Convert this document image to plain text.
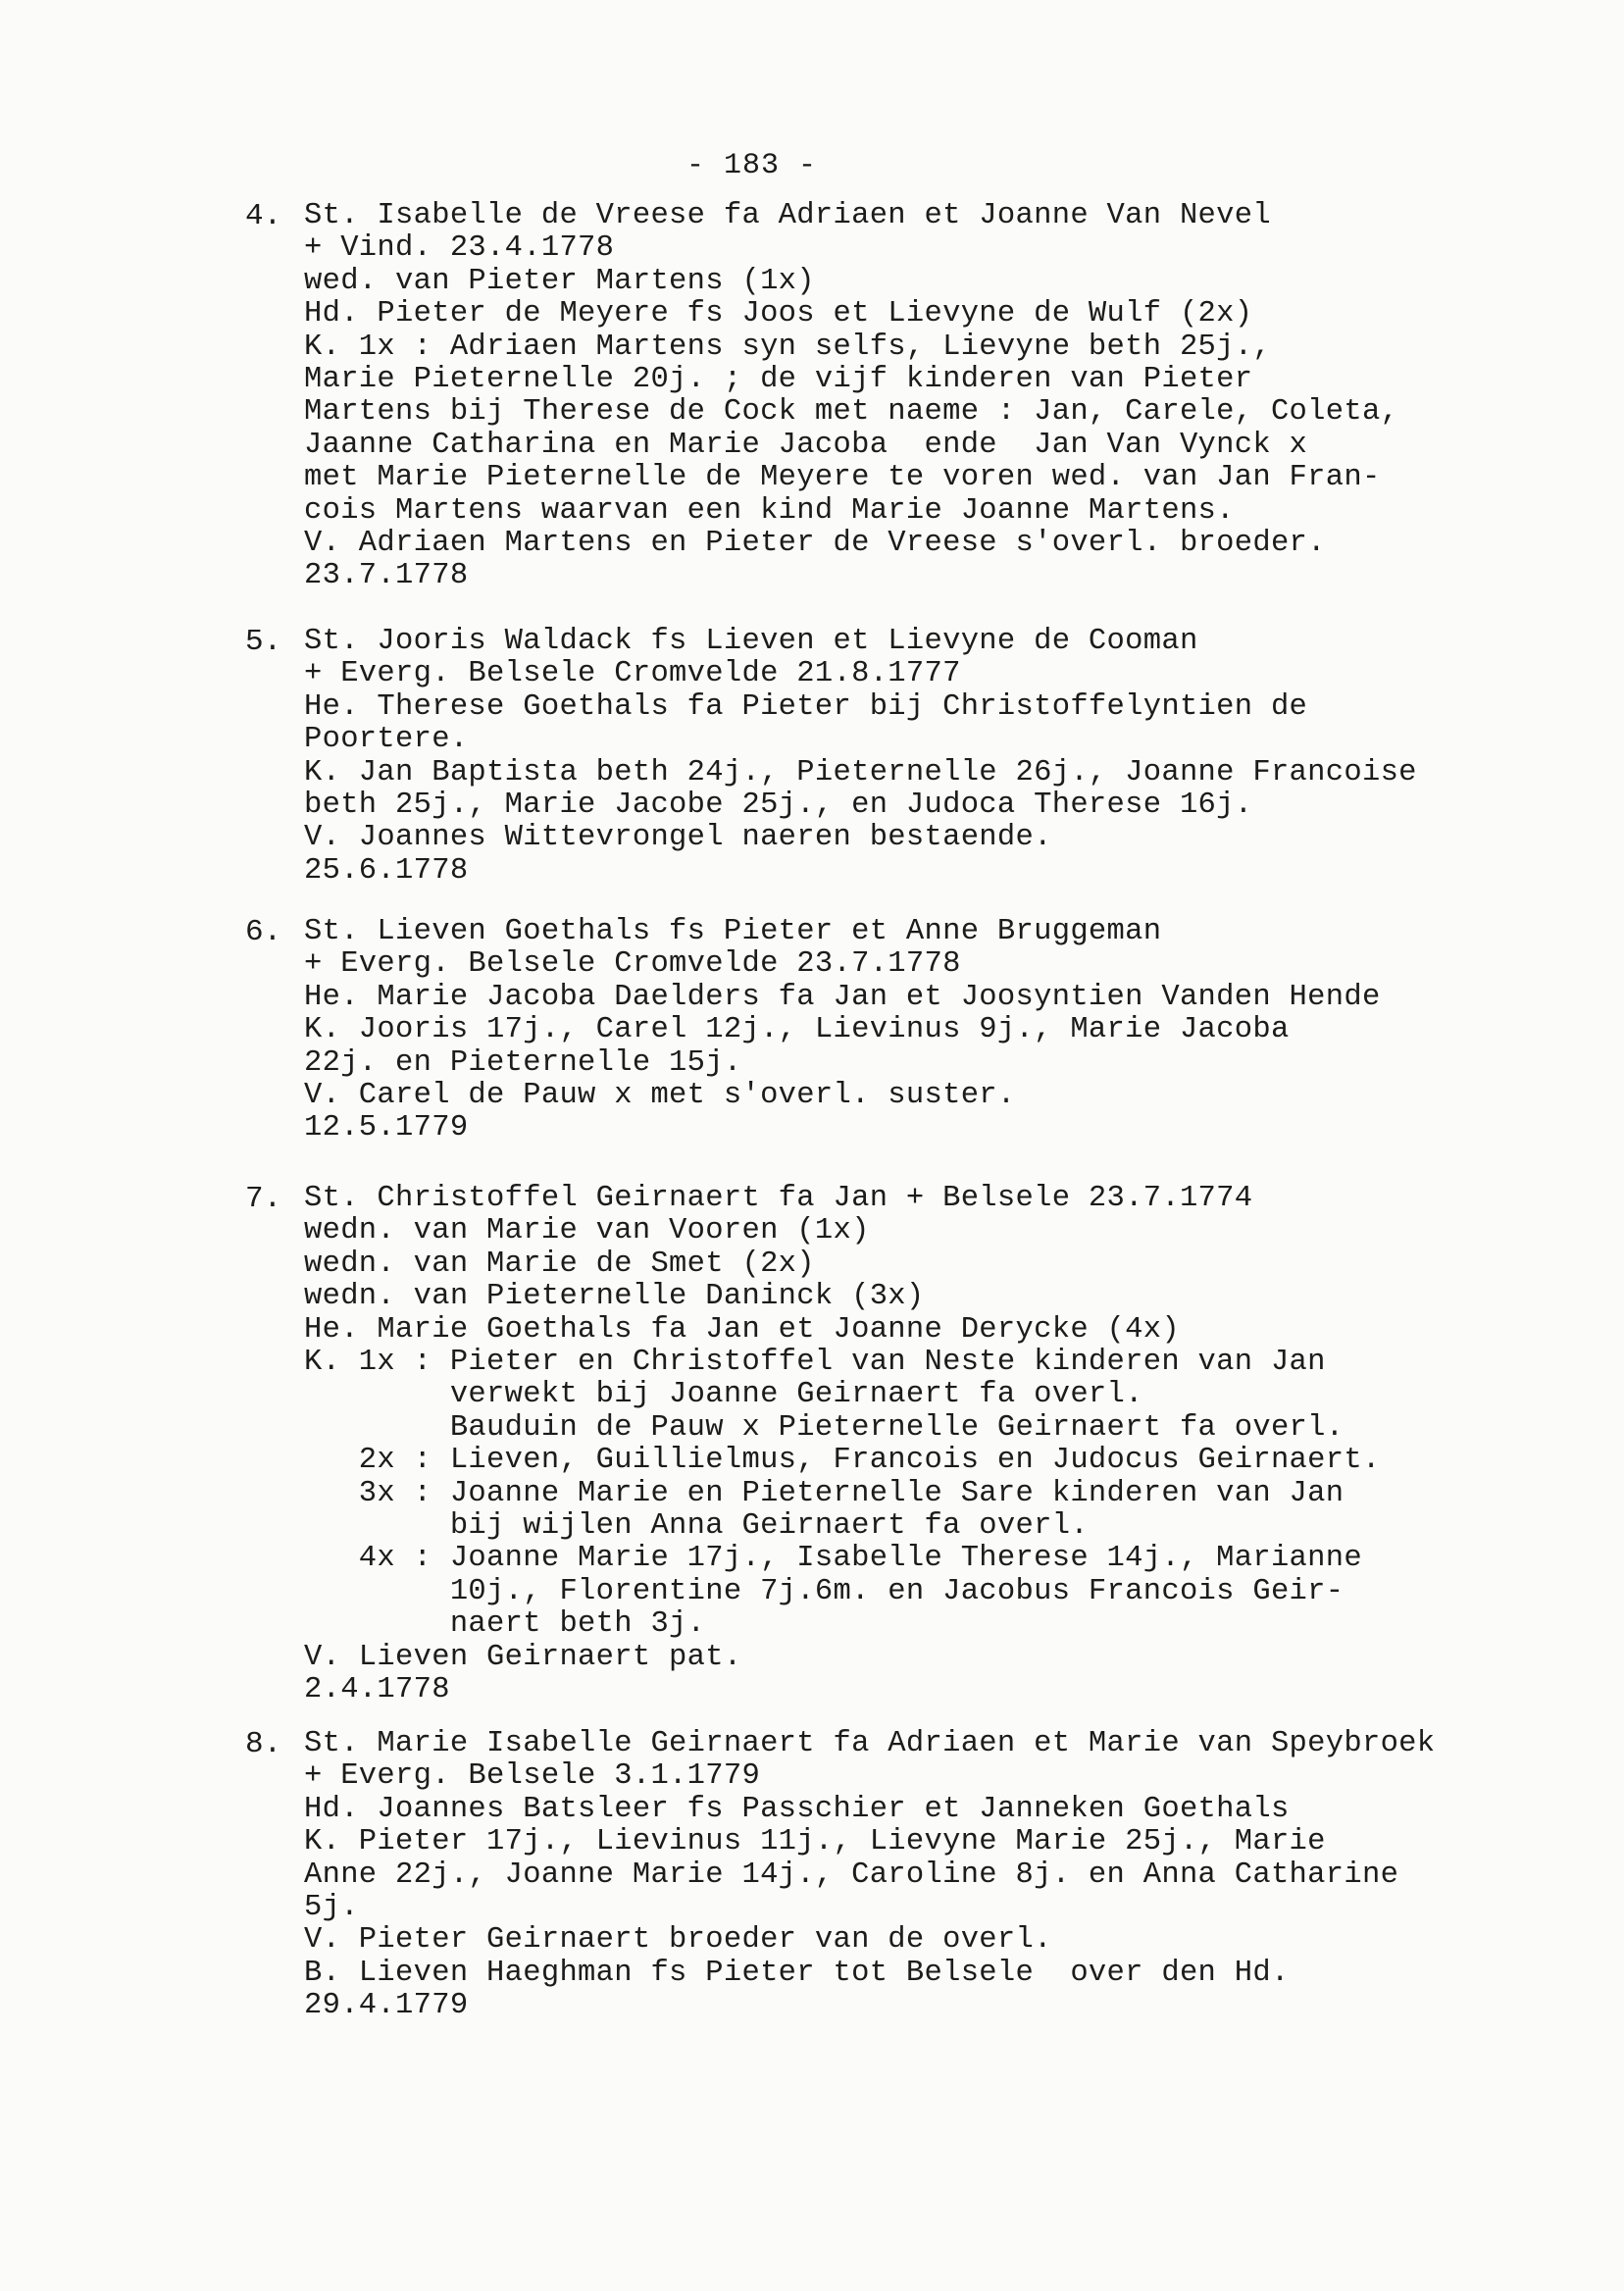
- 183 -
4. St. Isabelle de Vreese fa Adriaen et Joanne Van Nevel
+ Vind. 23.4.1778
wed. van Pieter Martens (1x)
Hd. Pieter de Meyere fs Joos et Lievyne de Wulf (2x)
K. 1x : Adriaen Martens syn selfs, Lievyne beth 25j.,
Marie Pieternelle 20j. ; de vijf kinderen van Pieter
Martens bij Therese de Cock met naeme : Jan, Carele, Coleta,
Jaanne Catharina en Marie Jacoba  ende  Jan Van Vynck x
met Marie Pieternelle de Meyere te voren wed. van Jan Fran-
cois Martens waarvan een kind Marie Joanne Martens.
V. Adriaen Martens en Pieter de Vreese s'overl. broeder.
23.7.1778
5. St. Jooris Waldack fs Lieven et Lievyne de Cooman
+ Everg. Belsele Cromvelde 21.8.1777
He. Therese Goethals fa Pieter bij Christoffelyntien de
Poortere.
K. Jan Baptista beth 24j., Pieternelle 26j., Joanne Francoise
beth 25j., Marie Jacobe 25j., en Judoca Therese 16j.
V. Joannes Wittevrongel naeren bestaende.
25.6.1778
6. St. Lieven Goethals fs Pieter et Anne Bruggeman
+ Everg. Belsele Cromvelde 23.7.1778
He. Marie Jacoba Daelders fa Jan et Joosyntien Vanden Hende
K. Jooris 17j., Carel 12j., Lievinus 9j., Marie Jacoba
22j. en Pieternelle 15j.
V. Carel de Pauw x met s'overl. suster.
12.5.1779
7. St. Christoffel Geirnaert fa Jan + Belsele 23.7.1774
wedn. van Marie van Vooren (1x)
wedn. van Marie de Smet (2x)
wedn. van Pieternelle Daninck (3x)
He. Marie Goethals fa Jan et Joanne Derycke (4x)
K. 1x : Pieter en Christoffel van Neste kinderen van Jan
verwekt bij Joanne Geirnaert fa overl.
Bauduin de Pauw x Pieternelle Geirnaert fa overl.
2x : Lieven, Guillielmus, Francois en Judocus Geirnaert.
3x : Joanne Marie en Pieternelle Sare kinderen van Jan
bij wijlen Anna Geirnaert fa overl.
4x : Joanne Marie 17j., Isabelle Therese 14j., Marianne
10j., Florentine 7j.6m. en Jacobus Francois Geir-
naert beth 3j.
V. Lieven Geirnaert pat.
2.4.1778
8. St. Marie Isabelle Geirnaert fa Adriaen et Marie van Speybroek
+ Everg. Belsele 3.1.1779
Hd. Joannes Batsleer fs Passchier et Janneken Goethals
K. Pieter 17j., Lievinus 11j., Lievyne Marie 25j., Marie
Anne 22j., Joanne Marie 14j., Caroline 8j. en Anna Catharine
5j.
V. Pieter Geirnaert broeder van de overl.
B. Lieven Haeghman fs Pieter tot Belsele  over den Hd.
29.4.1779
